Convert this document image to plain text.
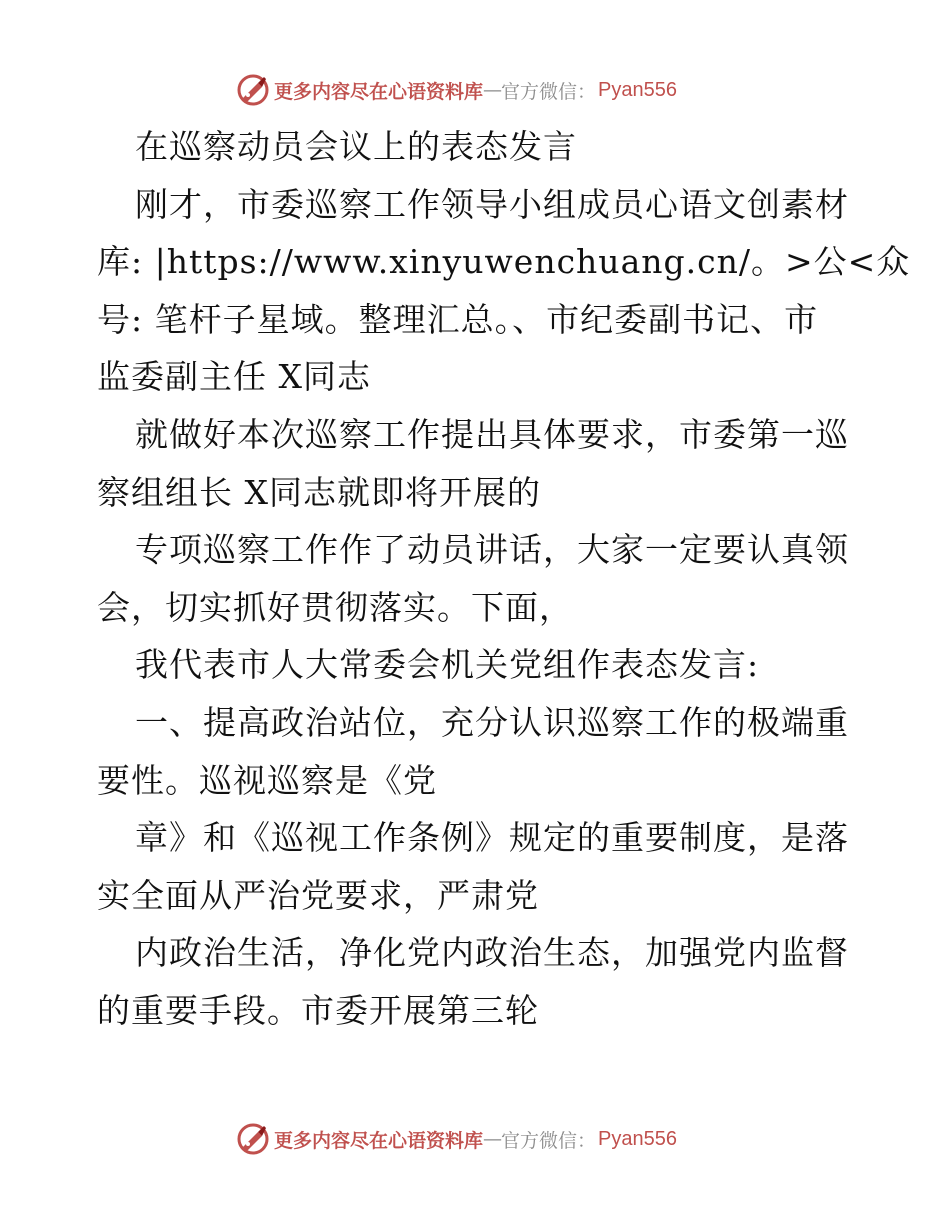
更多内容尽在心语资料库 — 官方微信： Pyan556
在巡察动员会议上的表态发言
刚才，市委巡察工作领导小组成员心语文创素材
库: |https://www.xinyuwenchuang.cn/。>公<众
号: 笔杆子星域。整理汇总。、市纪委副书记、市
监委副主任 X同志
就做好本次巡察工作提出具体要求，市委第一巡
察组组长 X同志就即将开展的
专项巡察工作作了动员讲话，大家一定要认真领
会，切实抓好贯彻落实。下面，
我代表市人大常委会机关党组作表态发言:
一、提高政治站位，充分认识巡察工作的极端重
要性。巡视巡察是《党
章》和《巡视工作条例》规定的重要制度，是落
实全面从严治党要求，严肃党
内政治生活，净化党内政治生态，加强党内监督
的重要手段。市委开展第三轮
更多内容尽在心语资料库 — 官方微信： Pyan556
